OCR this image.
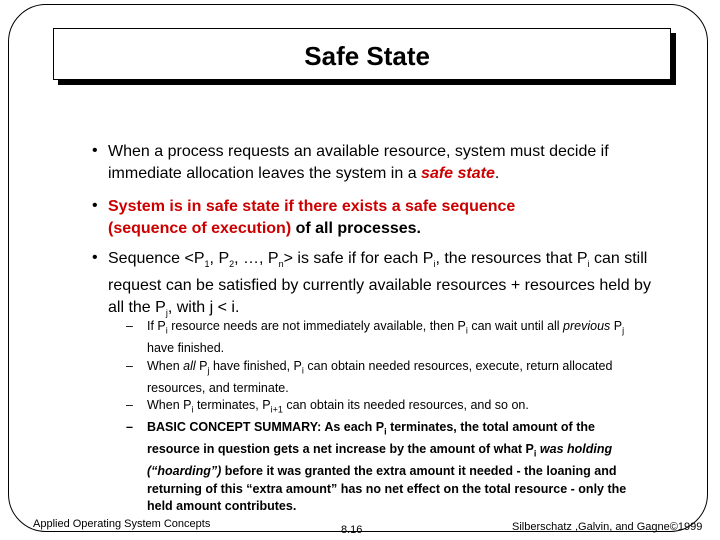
Safe State
• When a process requests an available resource, system must decide if immediate allocation leaves the system in a safe state.
• System is in safe state if there exists a safe sequence
(sequence of execution) of all processes.
• Sequence $<P_1$, $P_2$, …, $P_n>$ is safe if for each $P_i$, the resources that $P_i$ can still request can be satisfied by currently available resources + resources held by all the $P_j$, with j < i.
– If $P_i$ resource needs are not immediately available, then $P_i$ can wait until all previous $P_j$ have finished.
– When all $P_j$ have finished, $P_i$ can obtain needed resources, execute, return allocated resources, and terminate.
– When $P_i$ terminates, $P_{i+1}$ can obtain its needed resources, and so on.
– BASIC CONCEPT SUMMARY: As each $P_i$ terminates, the total amount of the resource in question gets a net increase by the amount of what $P_i$ was holding (“hoarding”) before it was granted the extra amount it needed - the loaning and returning of this “extra amount” has no net effect on the total resource - only the held amount contributes.
Applied Operating System Concepts	8.16	Silberschatz ,Galvin, and Gagne©1999
